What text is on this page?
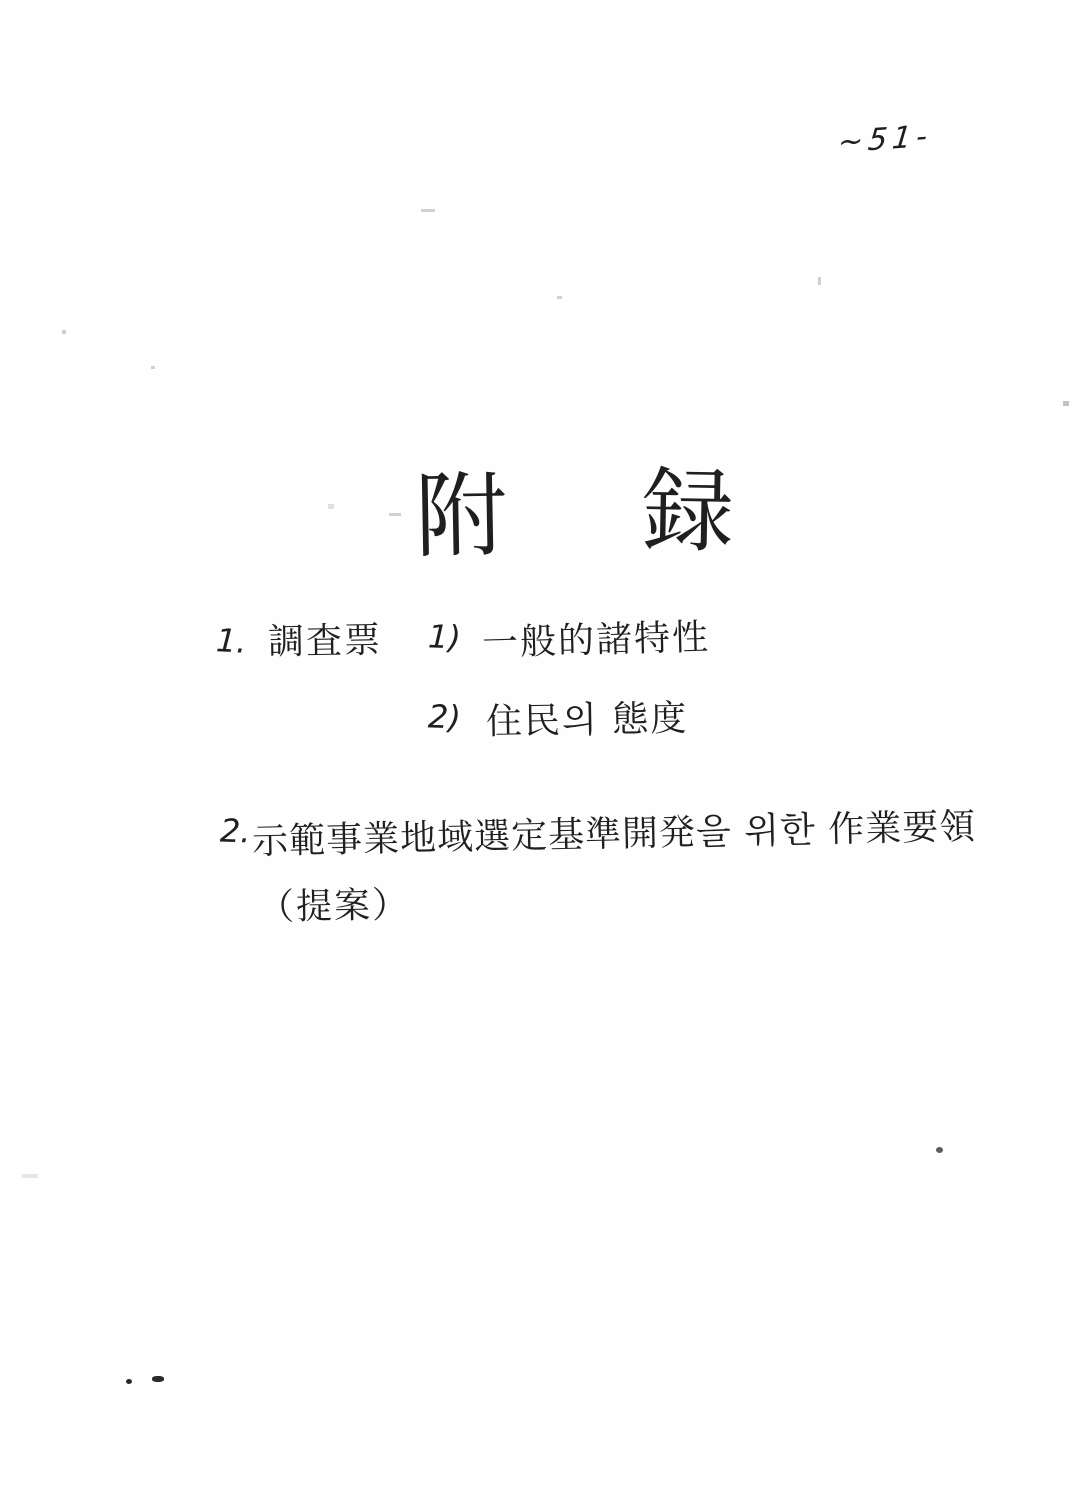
~51-
附 録
1. 調査票 1) 一般的諸特性
2) 住民의 態度
2. 示範事業地域選定基準開発을 위한 作業要領
（提案）
